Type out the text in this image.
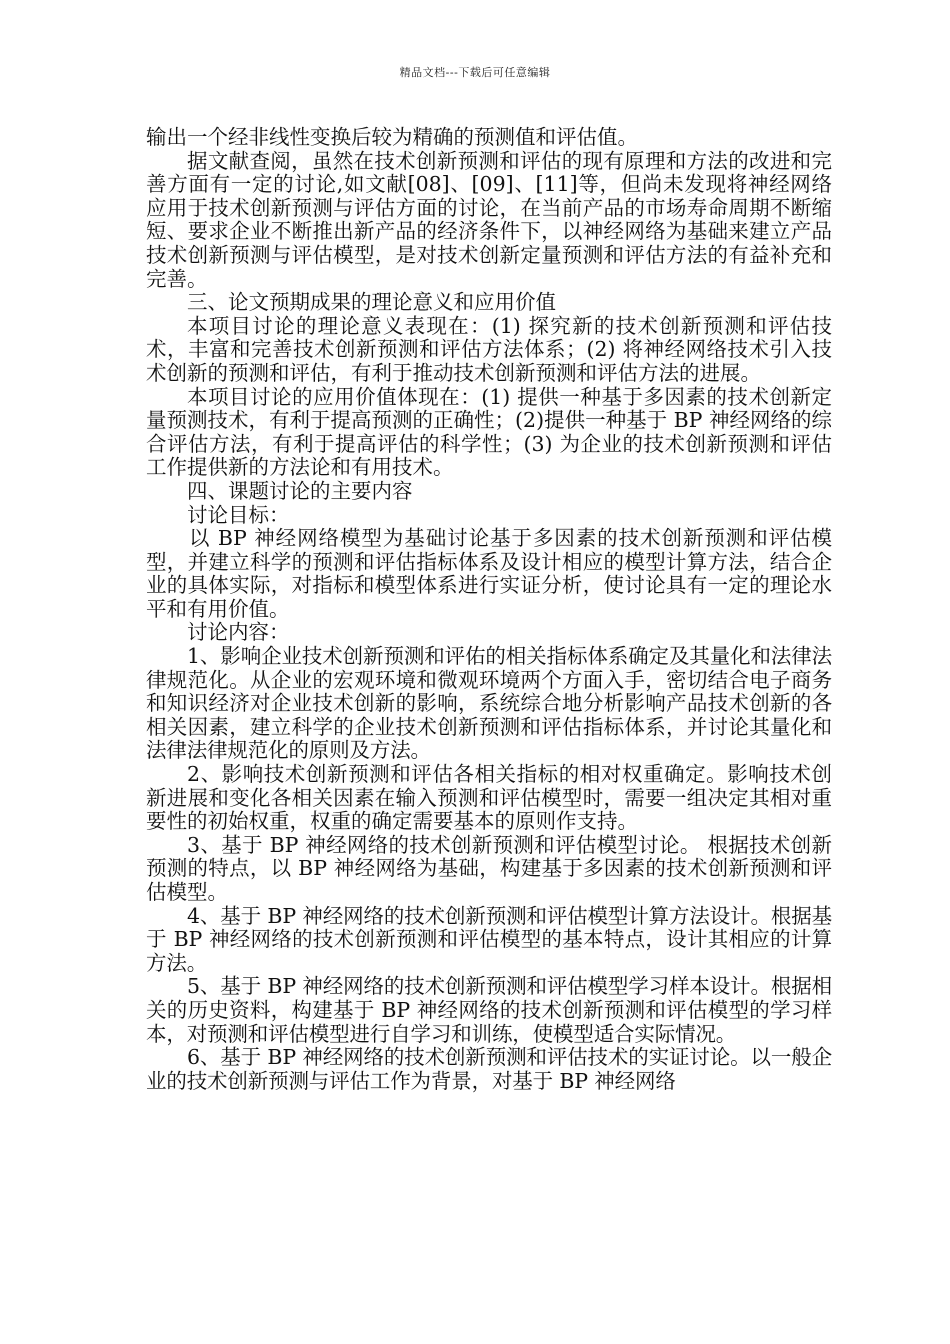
精品文档---下载后可任意编辑

输出一个经非线性变换后较为精确的预测值和评估值。

据文献查阅，虽然在技术创新预测和评估的现有原理和方法的改进和完善方面有一定的讨论,如文献[08]、[09]、[11]等，但尚未发现将神经网络应用于技术创新预测与评估方面的讨论，在当前产品的市场寿命周期不断缩短、要求企业不断推出新产品的经济条件下，以神经网络为基础来建立产品技术创新预测与评估模型，是对技术创新定量预测和评估方法的有益补充和完善。

三、论文预期成果的理论意义和应用价值

本项目讨论的理论意义表现在：(1) 探究新的技术创新预测和评估技术，丰富和完善技术创新预测和评估方法体系；(2) 将神经网络技术引入技术创新的预测和评估，有利于推动技术创新预测和评估方法的进展。

本项目讨论的应用价值体现在：(1) 提供一种基于多因素的技术创新定量预测技术，有利于提高预测的正确性；(2)提供一种基于 BP 神经网络的综合评估方法，有利于提高评估的科学性；(3) 为企业的技术创新预测和评估工作提供新的方法论和有用技术。

四、课题讨论的主要内容

讨论目标：

以 BP 神经网络模型为基础讨论基于多因素的技术创新预测和评估模型，并建立科学的预测和评估指标体系及设计相应的模型计算方法，结合企业的具体实际，对指标和模型体系进行实证分析，使讨论具有一定的理论水平和有用价值。

讨论内容：

1、影响企业技术创新预测和评佑的相关指标体系确定及其量化和法律法律规范化。从企业的宏观环境和微观环境两个方面入手，密切结合电子商务和知识经济对企业技术创新的影响，系统综合地分析影响产品技术创新的各相关因素，建立科学的企业技术创新预测和评估指标体系，并讨论其量化和法律法律规范化的原则及方法。

2、影响技术创新预测和评估各相关指标的相对权重确定。影响技术创新进展和变化各相关因素在输入预测和评估模型时，需要一组决定其相对重要性的初始权重，权重的确定需要基本的原则作支持。

3、基于 BP 神经网络的技术创新预测和评估模型讨论。 根据技术创新预测的特点，以 BP 神经网络为基础，构建基于多因素的技术创新预测和评估模型。

4、基于 BP 神经网络的技术创新预测和评估模型计算方法设计。根据基于 BP 神经网络的技术创新预测和评估模型的基本特点，设计其相应的计算方法。

5、基于 BP 神经网络的技术创新预测和评估模型学习样本设计。根据相关的历史资料，构建基于 BP 神经网络的技术创新预测和评估模型的学习样本，对预测和评估模型进行自学习和训练，使模型适合实际情况。

6、基于 BP 神经网络的技术创新预测和评估技术的实证讨论。以一般企业的技术创新预测与评估工作为背景，对基于 BP 神经网络
